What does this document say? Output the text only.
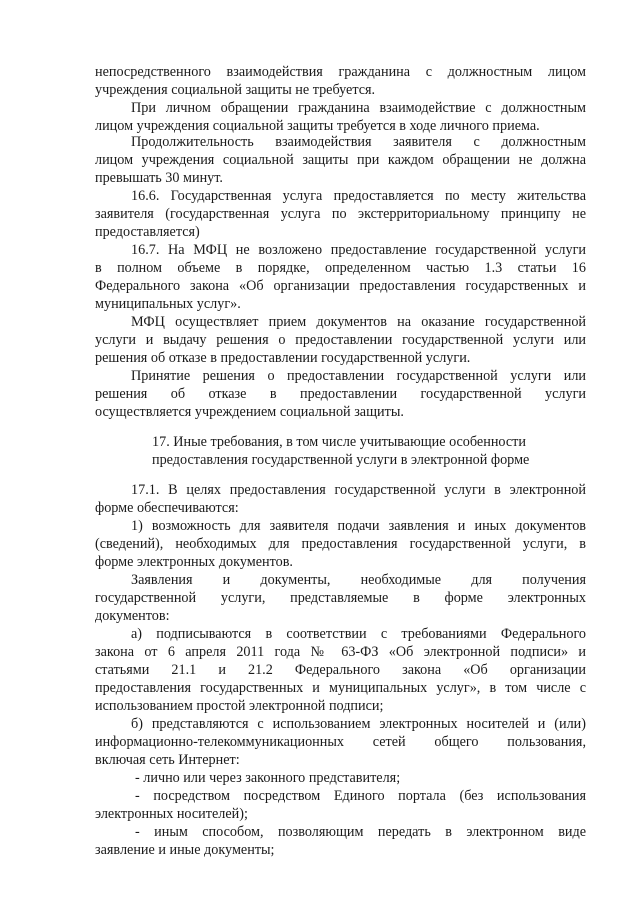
непосредственного взаимодействия гражданина с должностным лицом
учреждения социальной защиты не требуется.
При личном обращении гражданина взаимодействие с должностным
лицом учреждения социальной защиты требуется в ходе личного приема.
Продолжительность взаимодействия заявителя с должностным
лицом учреждения социальной защиты при каждом обращении не должна
превышать 30 минут.
16.6. Государственная услуга предоставляется по месту жительства
заявителя (государственная услуга по экстерриториальному принципу не
предоставляется)
16.7. На МФЦ не возложено предоставление государственной услуги
в полном объеме в порядке, определенном частью 1.3 статьи 16
Федерального закона «Об организации предоставления государственных и
муниципальных услуг».
МФЦ осуществляет прием документов на оказание государственной
услуги и выдачу решения о предоставлении государственной услуги или
решения об отказе в предоставлении государственной услуги.
Принятие решения о предоставлении государственной услуги или
решения об отказе в предоставлении государственной услуги
осуществляется учреждением социальной защиты.
17. Иные требования, в том числе учитывающие особенности
предоставления государственной услуги в электронной форме
17.1. В целях предоставления государственной услуги в электронной
форме обеспечиваются:
1) возможность для заявителя подачи заявления и иных документов
(сведений), необходимых для предоставления государственной услуги, в
форме электронных документов.
Заявления и документы, необходимые для получения
государственной услуги, представляемые в форме электронных
документов:
а) подписываются в соответствии с требованиями Федерального
закона от 6 апреля 2011 года № 63-ФЗ «Об электронной подписи» и
статьями 21.1 и 21.2 Федерального закона «Об организации
предоставления государственных и муниципальных услуг», в том числе с
использованием простой электронной подписи;
б) представляются с использованием электронных носителей и (или)
информационно-телекоммуникационных сетей общего пользования,
включая сеть Интернет:
- лично или через законного представителя;
- посредством посредством Единого портала (без использования
электронных носителей);
- иным способом, позволяющим передать в электронном виде
заявление и иные документы;
